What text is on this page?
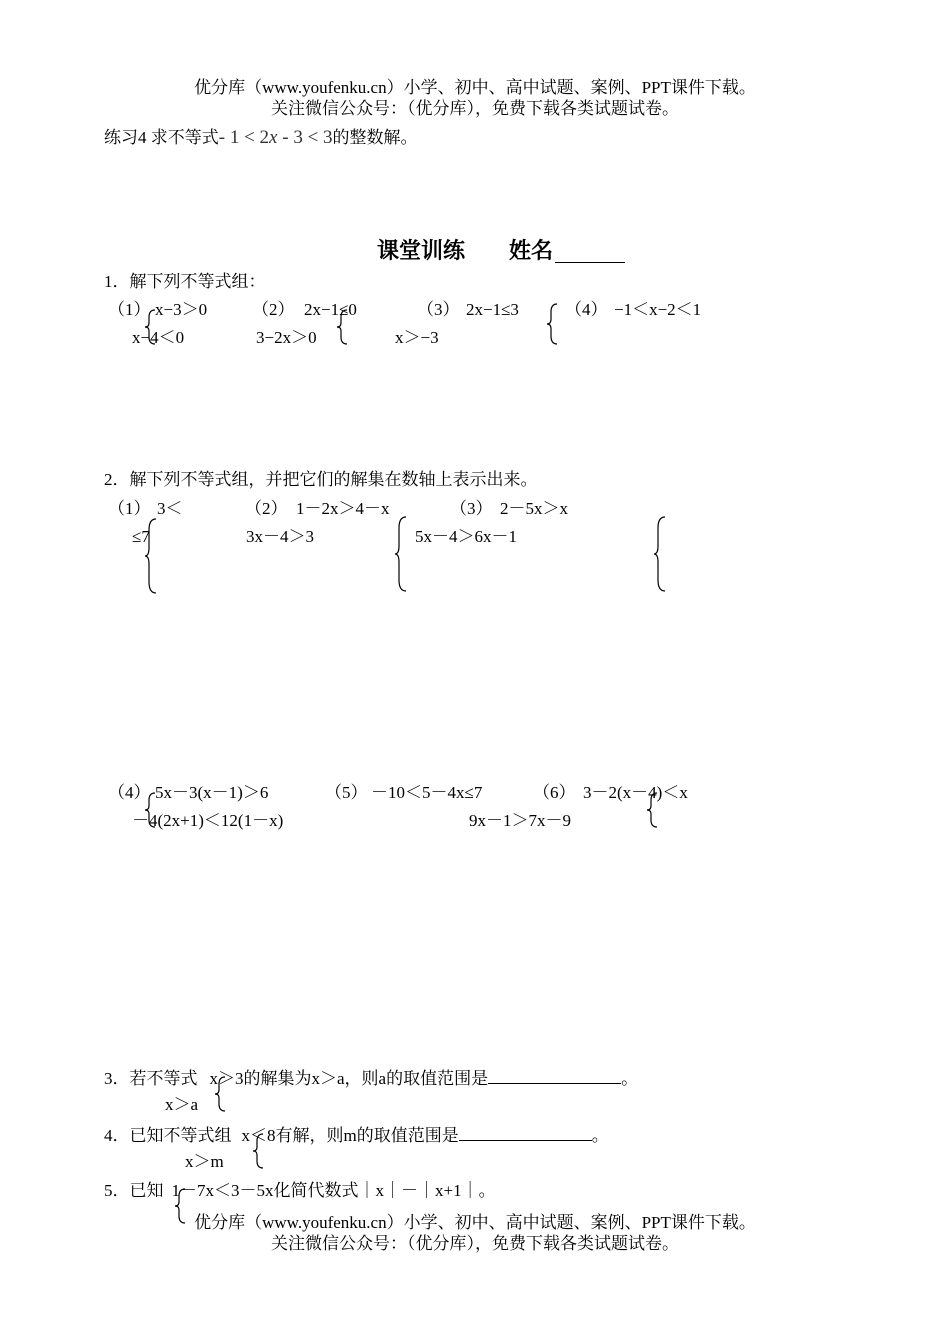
优分库（www.youfenku.cn）小学、初中、高中试题、案例、PPT课件下载。
关注微信公众号：（优分库），免费下载各类试题试卷。
练习4 求不等式- 1 < 2x - 3 < 3的整数解。
课堂训练 姓名
1．解下列不等式组：
（1） x−3＞0
x−4＜0
（2） 2x−1≤0
3−2x＞0
（3） 2x−1≤3
x＞−3
（4） −1＜x−2＜1
2．解下列不等式组，并把它们的解集在数轴上表示出来。
（1） 3＜
≤7
（2） 1－2x＞4－x
3x－4＞3
（3） 2－5x＞x
5x－4＞6x－1
（4） 5x－3(x－1)＞6
－4(2x+1)＜12(1－x)
（5） －10＜5－4x≤7
9x－1＞7x－9
（6） 3－2(x－4)＜x
3．若不等式 x＞3的解集为x＞a，则a的取值范围是	。
x＞a
4．已知不等式组 x＜8有解，则m的取值范围是	。
x＞m
5．已知 1－7x＜3－5x化简代数式｜x｜－｜x+1｜。
优分库（www.youfenku.cn）小学、初中、高中试题、案例、PPT课件下载。
关注微信公众号：（优分库），免费下载各类试题试卷。
